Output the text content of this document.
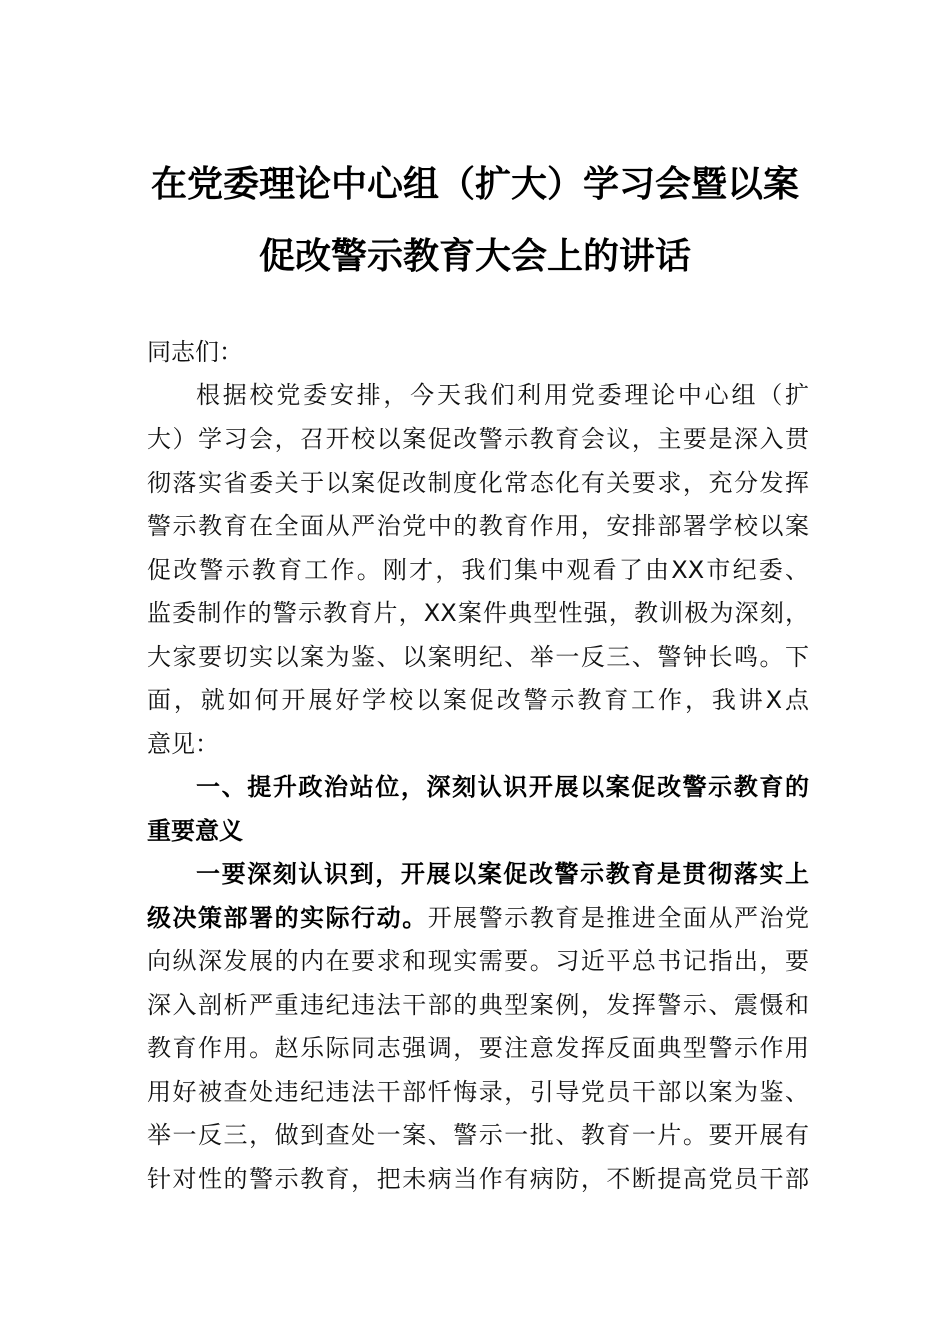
在党委理论中心组（扩大）学习会暨以案
促改警示教育大会上的讲话
同志们：
根据校党委安排，今天我们利用党委理论中心组（扩
大）学习会，召开校以案促改警示教育会议，主要是深入贯
彻落实省委关于以案促改制度化常态化有关要求，充分发挥
警示教育在全面从严治党中的教育作用，安排部署学校以案
促改警示教育工作。刚才，我们集中观看了由XX市纪委、
监委制作的警示教育片，XX案件典型性强，教训极为深刻，
大家要切实以案为鉴、以案明纪、举一反三、警钟长鸣。下
面，就如何开展好学校以案促改警示教育工作，我讲X点
意见：
一、提升政治站位，深刻认识开展以案促改警示教育的
重要意义
一要深刻认识到，开展以案促改警示教育是贯彻落实上
级决策部署的实际行动。开展警示教育是推进全面从严治党
向纵深发展的内在要求和现实需要。习近平总书记指出，要
深入剖析严重违纪违法干部的典型案例，发挥警示、震慑和
教育作用。赵乐际同志强调，要注意发挥反面典型警示作用
用好被查处违纪违法干部忏悔录，引导党员干部以案为鉴、
举一反三，做到查处一案、警示一批、教育一片。要开展有
针对性的警示教育，把未病当作有病防，不断提高党员干部
